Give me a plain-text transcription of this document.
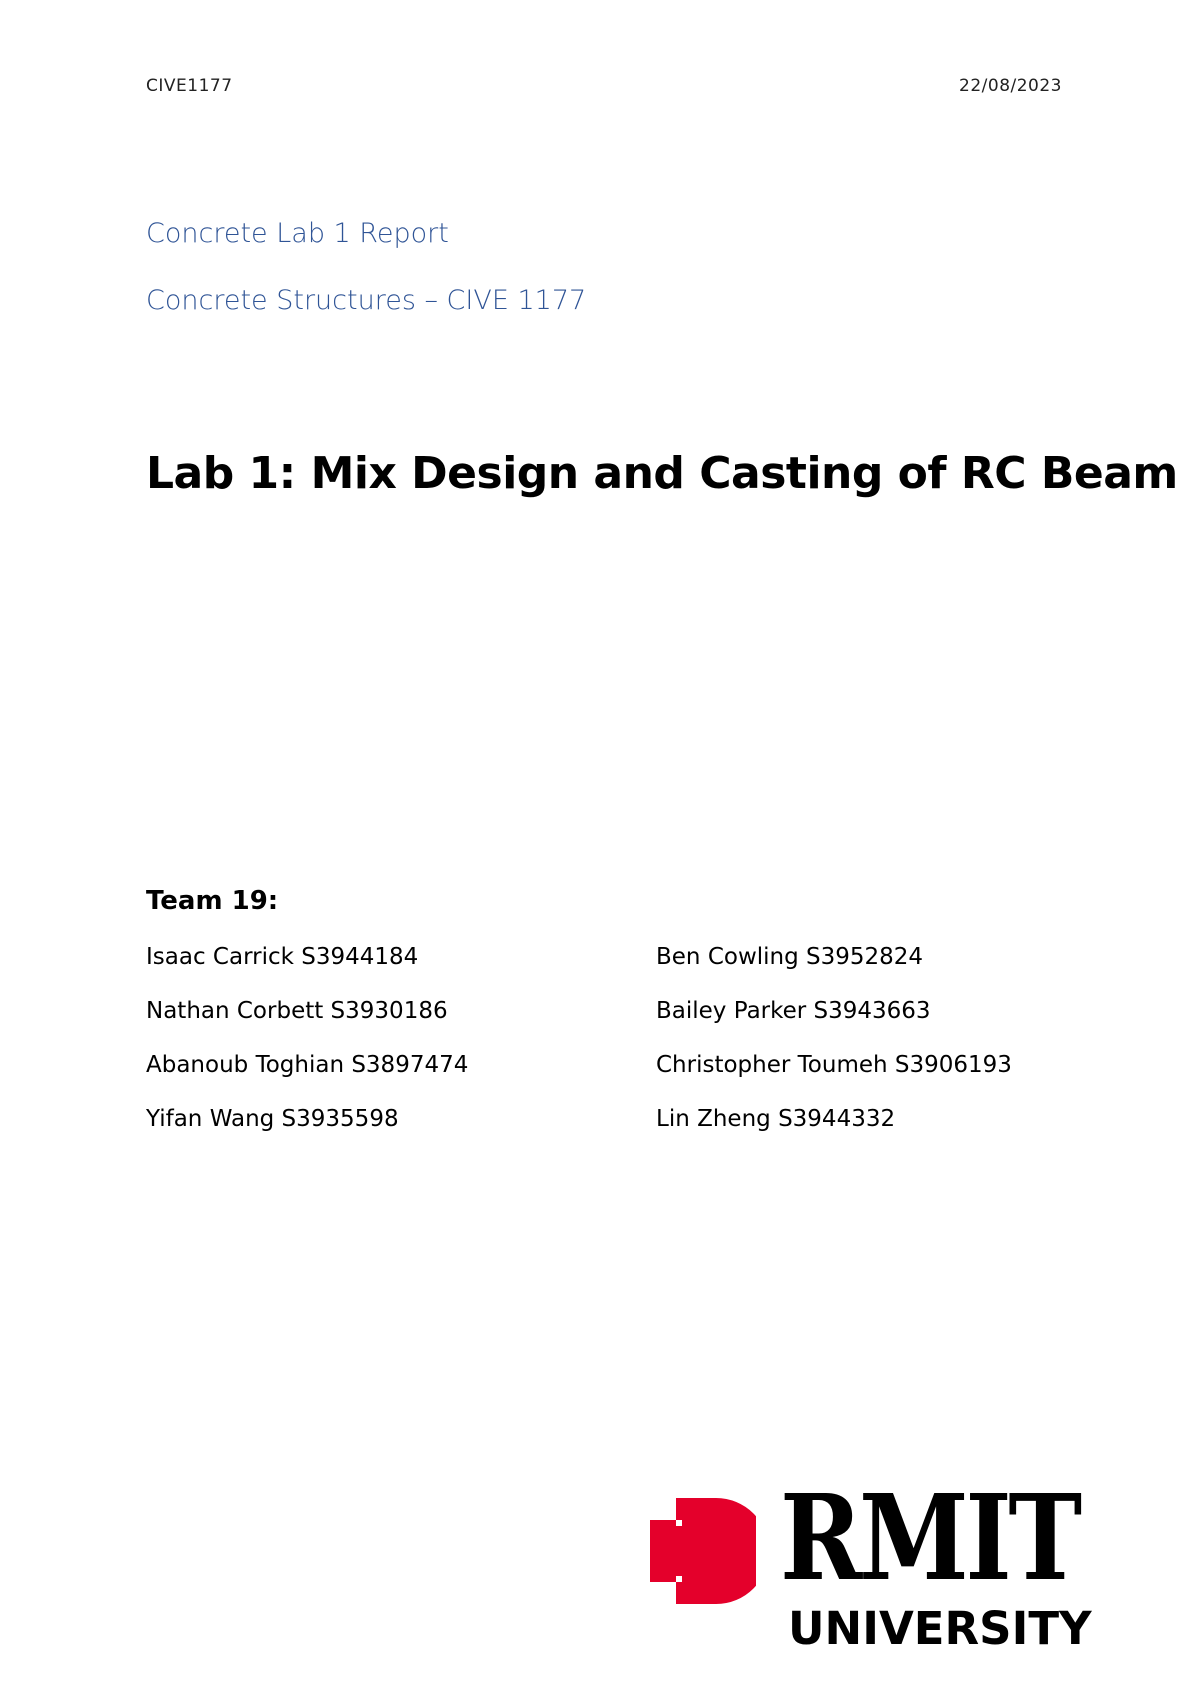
CIVE1177	22/08/2023
Concrete Lab 1 Report
Concrete Structures – CIVE 1177
Lab 1: Mix Design and Casting of RC Beam
Team 19:
Isaac Carrick S3944184	Ben Cowling S3952824
Nathan Corbett S3930186	Bailey Parker S3943663
Abanoub Toghian S3897474	Christopher Toumeh S3906193
Yifan Wang S3935598	Lin Zheng S3944332
RMIT
UNIVERSITY
